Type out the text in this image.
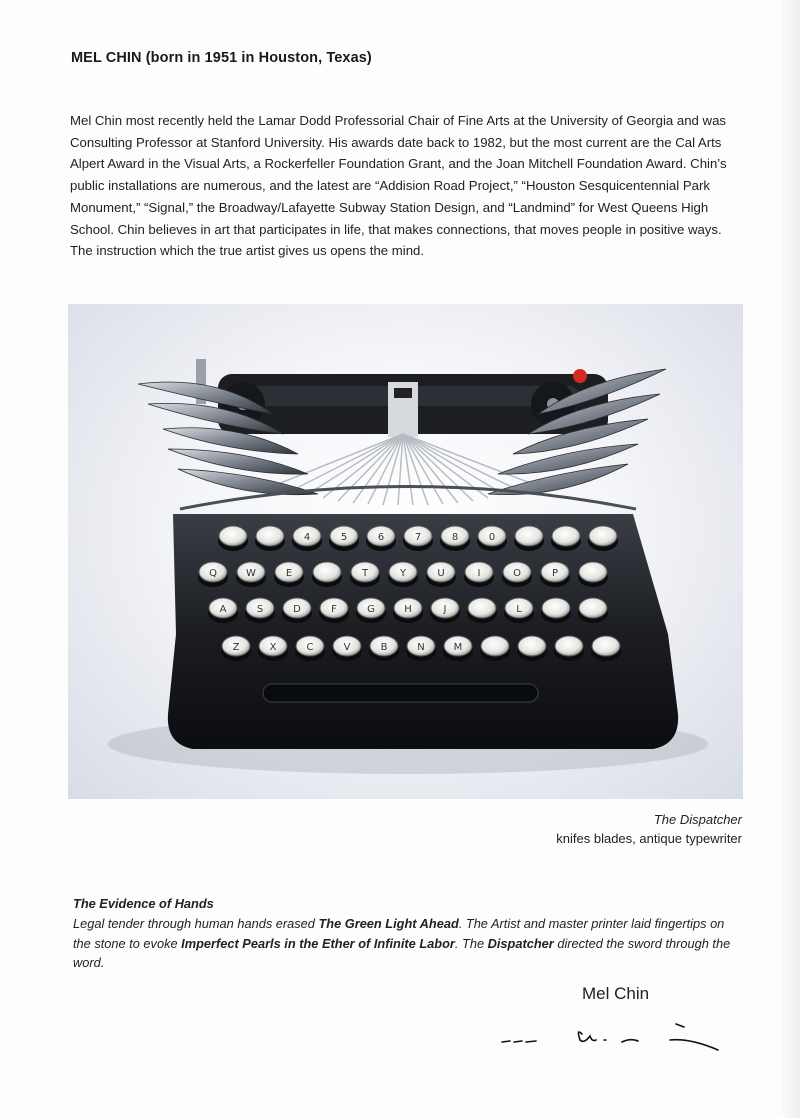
MEL CHIN (born in 1951 in Houston, Texas)

Mel Chin most recently held the Lamar Dodd Professorial Chair of Fine Arts at the University of Georgia and was Consulting Professor at Stanford University. His awards date back to 1982, but the most current are the Cal Arts Alpert Award in the Visual Arts, a Rockerfeller Foundation Grant, and the Joan Mitchell Foundation Award. Chin’s public installations are numerous, and the latest are “Addision Road Project,” “Houston Sesquicentennial Park Monument,” “Signal,” the Broadway/Lafayette Subway Station Design, and “Landmind” for West Queens High School. Chin believes in art that participates in life, that makes connections, that moves people in positive ways. The instruction which the true artist gives us opens the mind.

4	5	6	7	8	0
Q	W	E	T	Y	U	I	O	P
A	S	D	F	G	H	J	L
Z	X	C	V	B	N	M
The Dispatcher
knifes blades, antique typewriter
The Evidence of Hands
Legal tender through human hands erased The Green Light Ahead. The Artist and master printer laid fingertips on the stone to evoke Imperfect Pearls in the Ether of Infinite Labor. The Dispatcher directed the sword through the word.
Mel Chin
